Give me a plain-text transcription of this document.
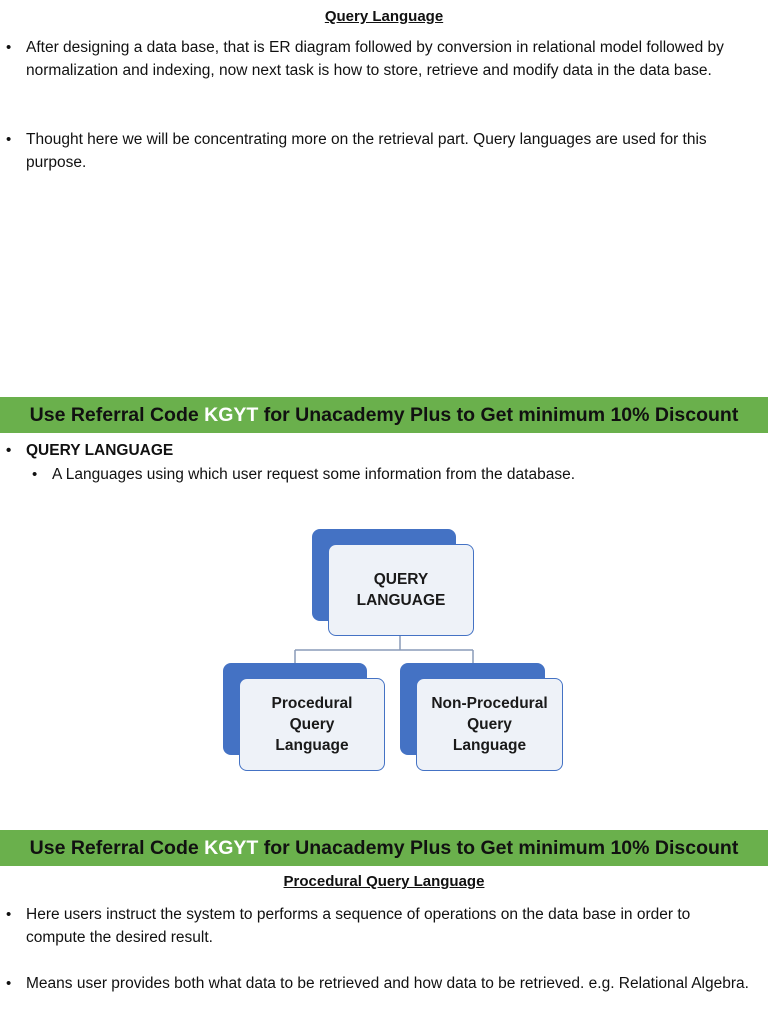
Query Language
• After designing a data base, that is ER diagram followed by conversion in relational model followed by normalization and indexing, now next task is how to store, retrieve and modify data in the data base.
• Thought here we will be concentrating more on the retrieval part. Query languages are used for this purpose.
Use Referral Code KGYT for Unacademy Plus to Get minimum 10% Discount
• QUERY LANGUAGE
• A Languages using which user request some information from the database.
QUERY
LANGUAGE
Procedural
Query
Language
Non-Procedural
Query
Language
Use Referral Code KGYT for Unacademy Plus to Get minimum 10% Discount
Procedural Query Language
• Here users instruct the system to performs a sequence of operations on the data base in order to compute the desired result.
• Means user provides both what data to be retrieved and how data to be retrieved. e.g. Relational Algebra.
